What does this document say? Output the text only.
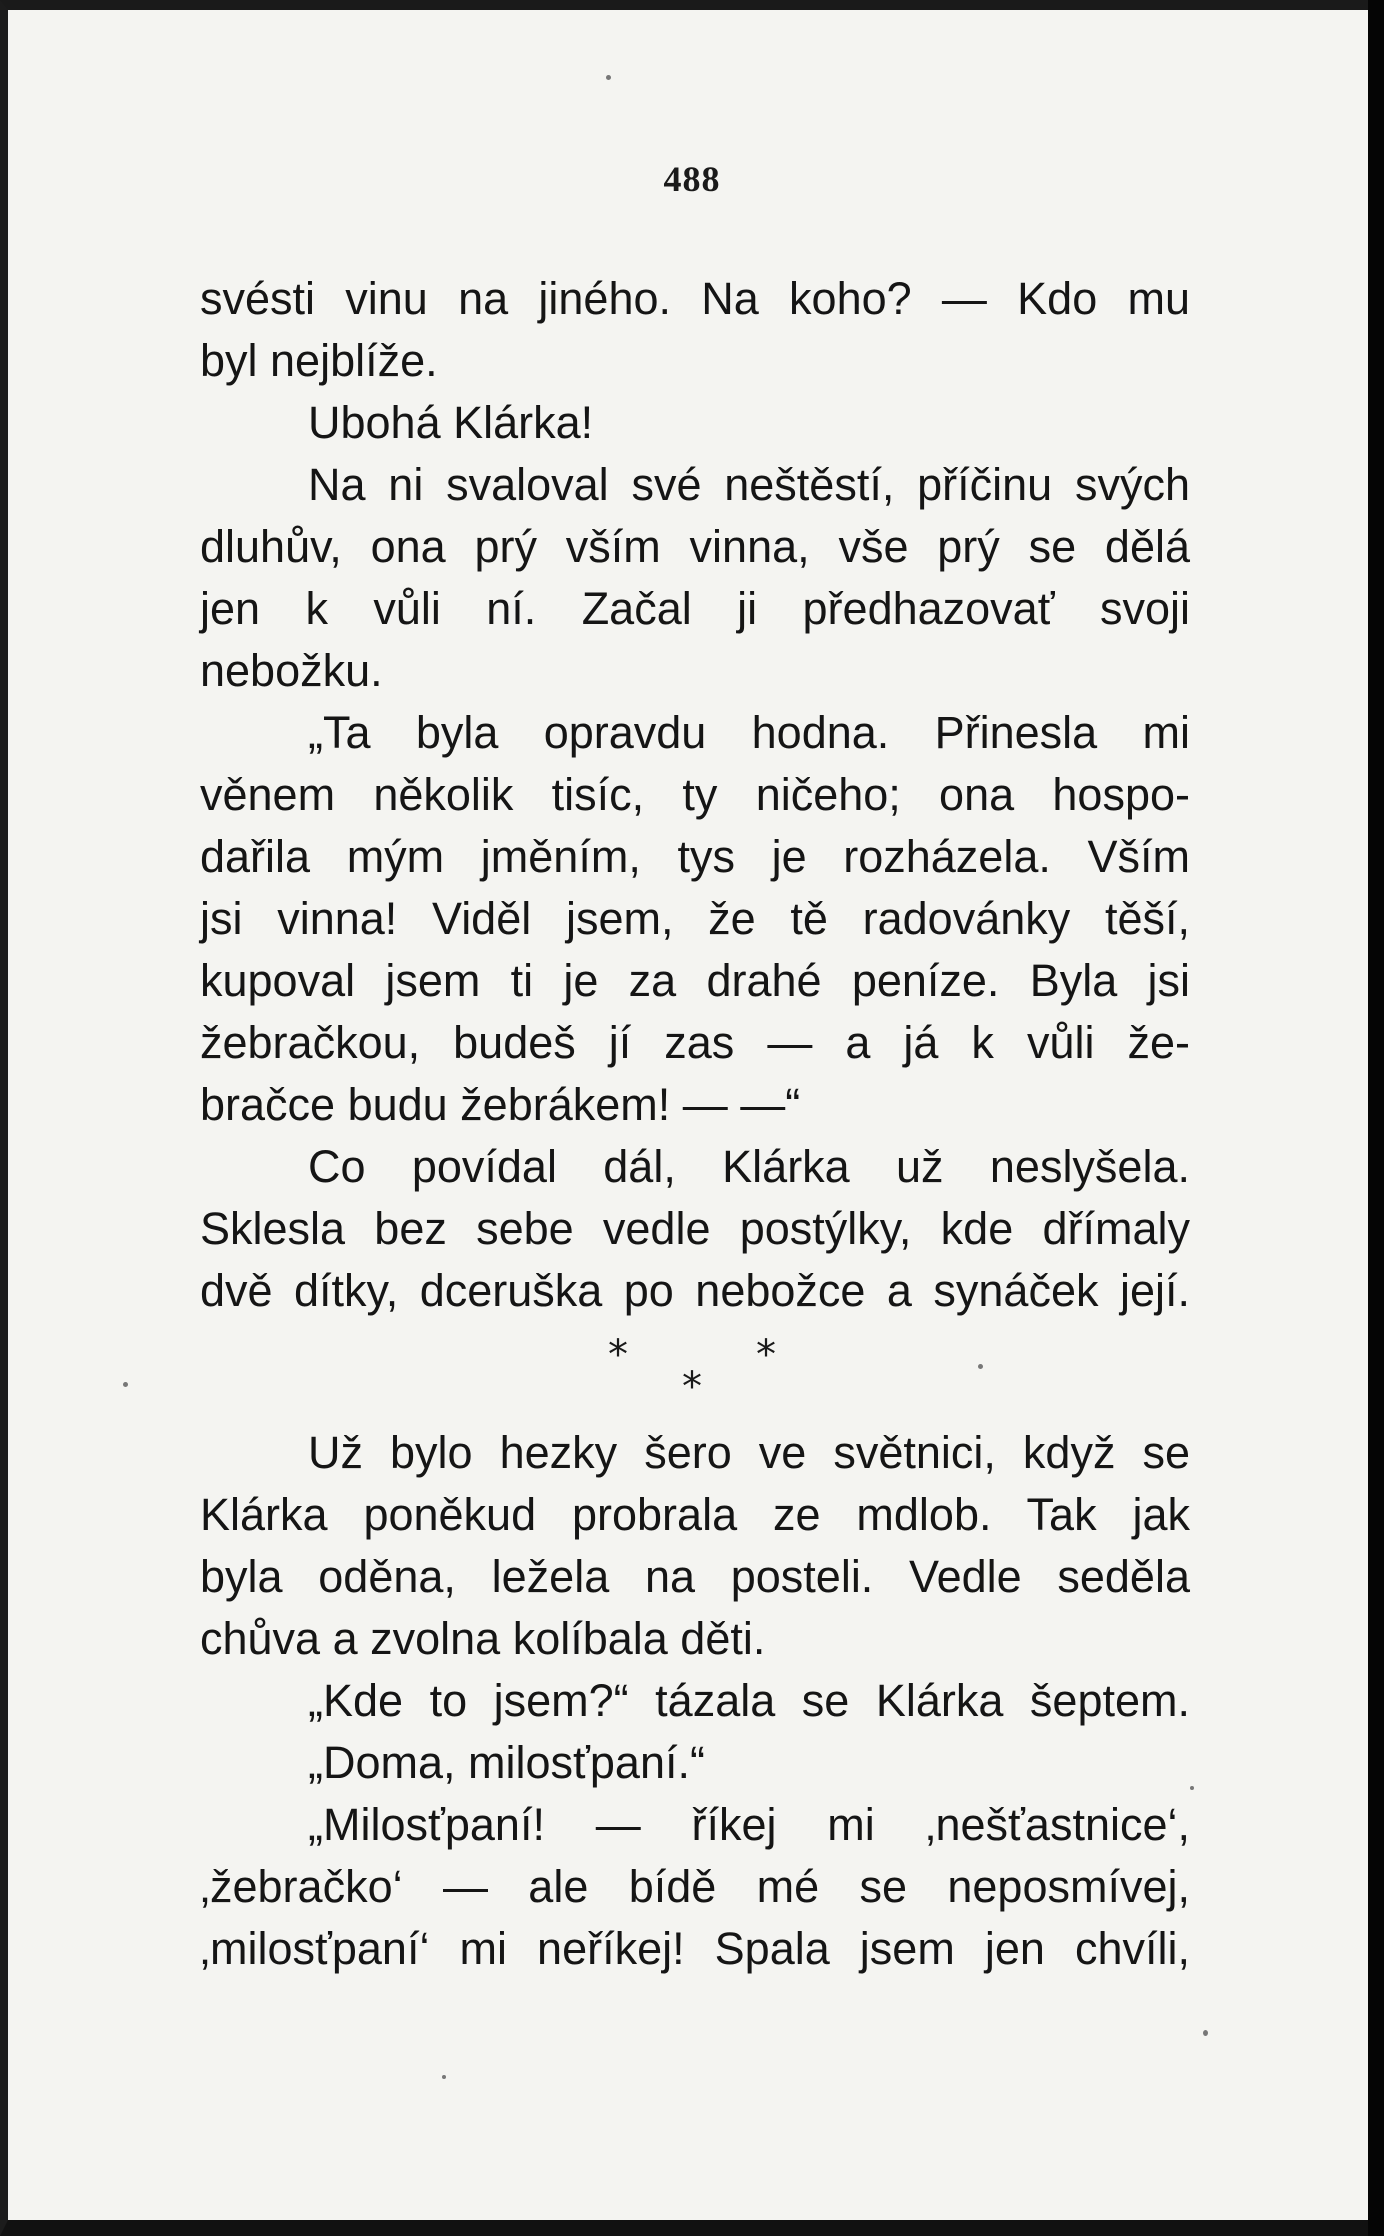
488
svésti vinu na jiného. Na koho? — Kdo mu
byl nejblíže.
Ubohá Klárka!
Na ni svaloval své neštěstí, příčinu svých
dluhův, ona prý vším vinna, vše prý se dělá
jen k vůli ní. Začal ji předhazovať svoji
nebožku.
„Ta byla opravdu hodna. Přinesla mi
věnem několik tisíc, ty ničeho; ona hospo-
dařila mým jměním, tys je rozházela. Vším
jsi vinna! Viděl jsem, že tě radovánky těší,
kupoval jsem ti je za drahé peníze. Byla jsi
žebračkou, budeš jí zas — a já k vůli že-
bračce budu žebrákem! — —“
Co povídal dál, Klárka už neslyšela.
Sklesla bez sebe vedle postýlky, kde dřímaly
dvě dítky, dceruška po nebožce a synáček její.
*	*
*
Už bylo hezky šero ve světnici, když se
Klárka poněkud probrala ze mdlob. Tak jak
byla oděna, ležela na posteli. Vedle seděla
chůva a zvolna kolíbala děti.
„Kde to jsem?“ tázala se Klárka šeptem.
„Doma, milosťpaní.“
„Milosťpaní! — říkej mi ‚nešťastnice‘,
‚žebračko‘ — ale bídě mé se neposmívej,
‚milosťpaní‘ mi neříkej! Spala jsem jen chvíli,
